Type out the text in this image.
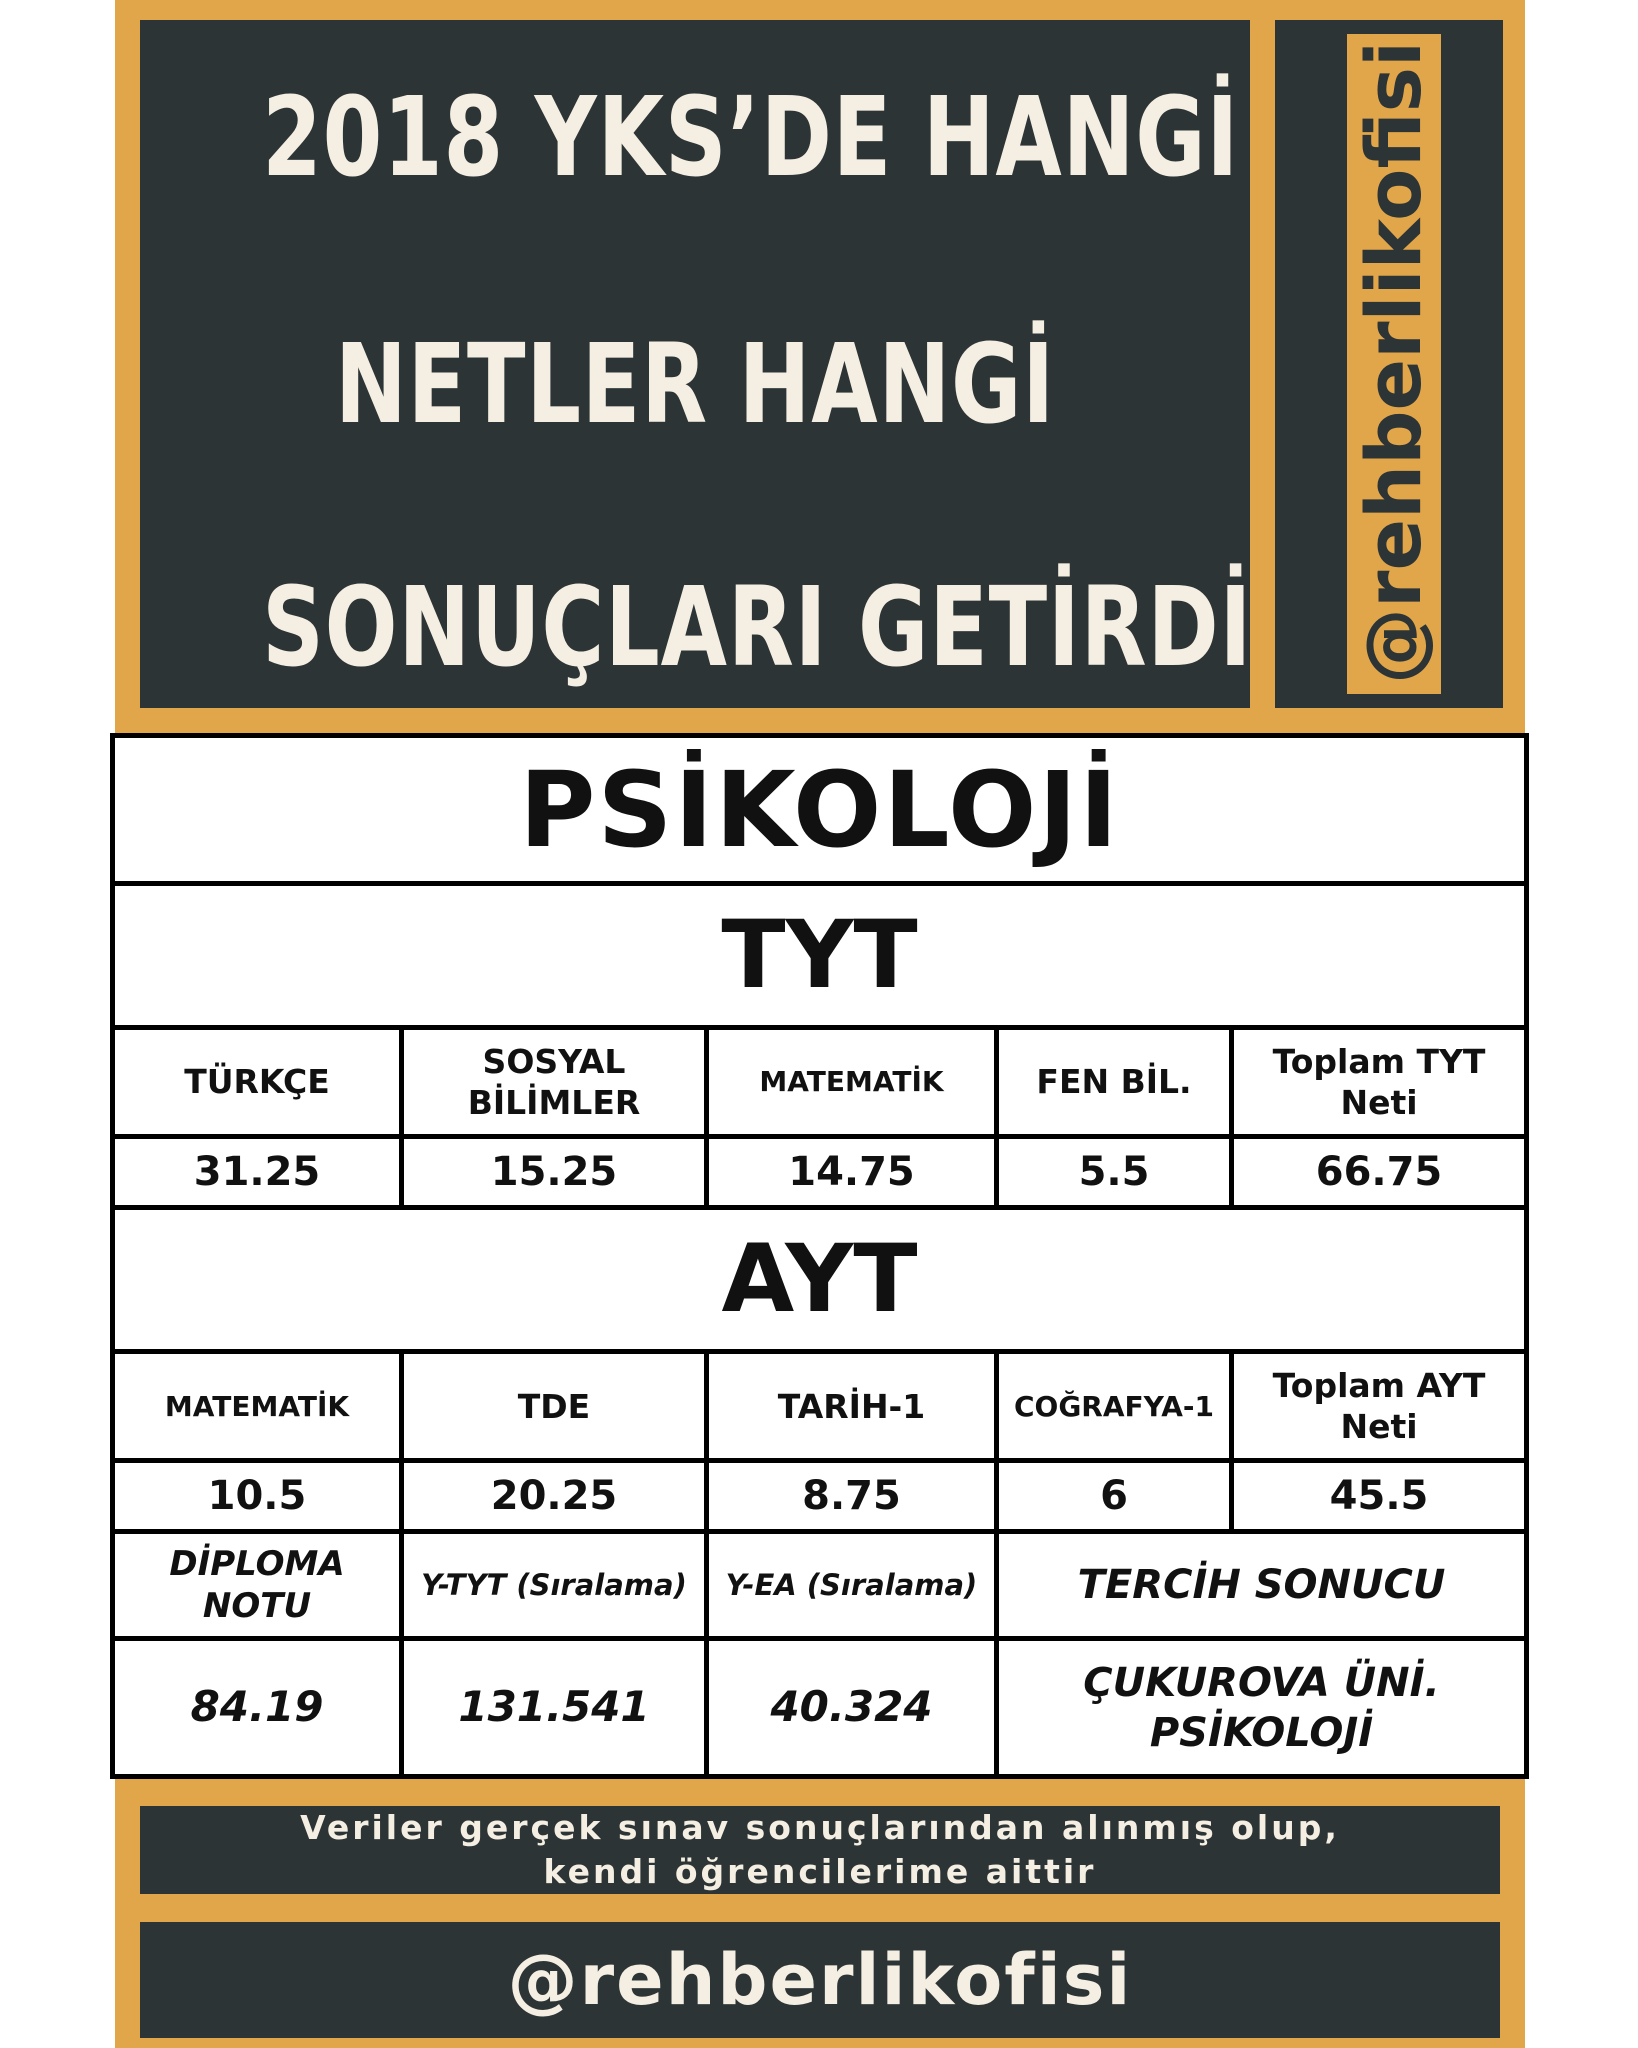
2018 YKS’DE HANGİ
NETLER HANGİ
SONUÇLARI GETİRDİ @rehberlikofisi
Veriler gerçek sınav sonuçlarından alınmış olup,
kendi öğrencilerime aittir
@rehberlikofisi
PSİKOLOJİ				
TYT				
TÜRKÇE	SOSYAL BİLİMLER	MATEMATİK	FEN BİL.	Toplam TYT Neti
31.25	15.25	14.75	5.5	66.75
AYT				
MATEMATİK	TDE	TARİH-1	COĞRAFYA-1	Toplam AYT Neti
10.5	20.25	8.75	6	45.5
DİPLOMA NOTU	Y-TYT (Sıralama)	Y-EA (Sıralama)	TERCİH SONUCU	
84.19	131.541	40.324	ÇUKUROVA ÜNİ. PSİKOLOJİ	
